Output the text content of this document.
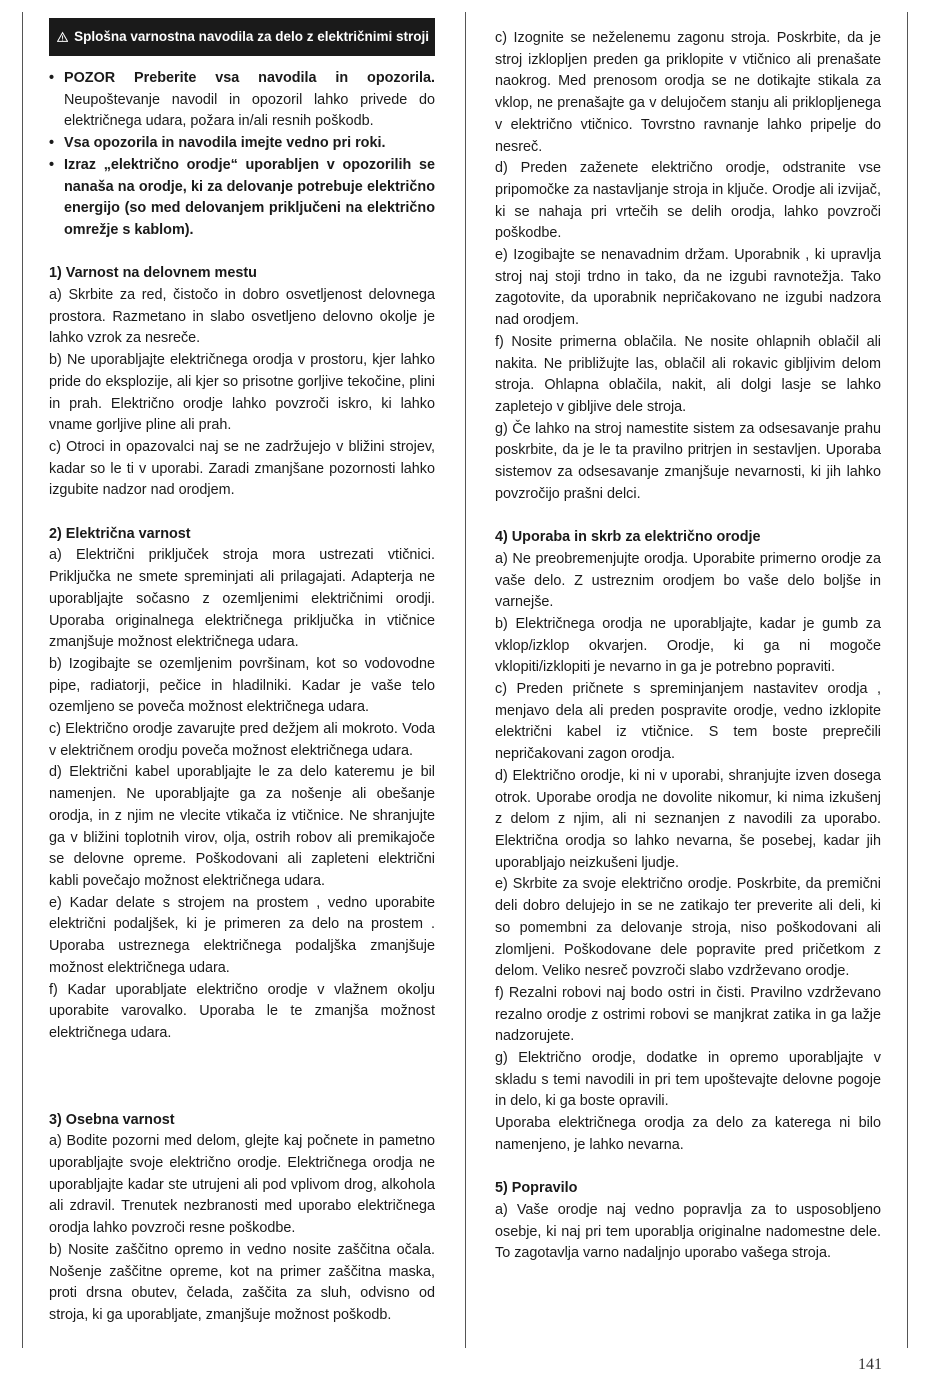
Splošna varnostna navodila za delo z električnimi stroji
• POZOR Preberite vsa navodila in opozorila. Neupoštevanje navodil in opozoril lahko privede do električnega udara, požara in/ali resnih poškodb.
• Vsa opozorila in navodila imejte vedno pri roki.
• Izraz „električno orodje“ uporabljen v opozorilih se nanaša na orodje, ki za delovanje potrebuje električno energijo (so med delovanjem priključeni na električno omrežje s kablom).

1) Varnost na delovnem mestu

a) Skrbite za red, čistočo in dobro osvetljenost delovnega prostora. Razmetano in slabo osvetljeno delovno okolje je lahko vzrok za nesreče.

b) Ne uporabljajte električnega orodja v prostoru, kjer lahko pride do eksplozije, ali kjer so prisotne gorljive tekočine, plini in prah. Električno orodje lahko povzroči iskro, ki lahko vname gorljive pline ali prah.

c) Otroci in opazovalci naj se ne zadržujejo v bližini strojev, kadar so le ti v uporabi. Zaradi zmanjšane pozornosti lahko izgubite nadzor nad orodjem.

2) Električna varnost

a) Električni priključek stroja mora ustrezati vtičnici. Priključka ne smete spreminjati ali prilagajati. Adapterja ne uporabljajte sočasno z ozemljenimi električnimi orodji. Uporaba originalnega električnega priključka in vtičnice zmanjšuje možnost električnega udara.

b) Izogibajte se ozemljenim površinam, kot so vodovodne pipe, radiatorji, pečice in hladilniki. Kadar je vaše telo ozemljeno se poveča možnost električnega udara.

c) Električno orodje zavarujte pred dežjem ali mokroto. Voda v električnem orodju poveča možnost električnega udara.

d) Električni kabel uporabljajte le za delo kateremu je bil namenjen. Ne uporabljajte ga za nošenje ali obešanje orodja, in z njim ne vlecite vtikača iz vtičnice. Ne shranjujte ga v bližini toplotnih virov, olja, ostrih robov ali premikajoče se delovne opreme. Poškodovani ali zapleteni električni kabli povečajo možnost električnega udara.

e) Kadar delate s strojem na prostem , vedno uporabite električni podaljšek, ki je primeren za delo na prostem . Uporaba ustreznega električnega podaljška zmanjšuje možnost električnega udara.

f) Kadar uporabljate električno orodje v vlažnem okolju uporabite varovalko. Uporaba le te zmanjša možnost električnega udara.

3) Osebna varnost

a) Bodite pozorni med delom, glejte kaj počnete in pametno uporabljajte svoje električno orodje. Električnega orodja ne uporabljajte kadar ste utrujeni ali pod vplivom drog, alkohola ali zdravil. Trenutek nezbranosti med uporabo električnega orodja lahko povzroči resne poškodbe.

b) Nosite zaščitno opremo in vedno nosite zaščitna očala. Nošenje zaščitne opreme, kot na primer zaščitna maska, proti drsna obutev, čelada, zaščita za sluh, odvisno od stroja, ki ga uporabljate, zmanjšuje možnost poškodb.

c) Izognite se neželenemu zagonu stroja. Poskrbite, da je stroj izklopljen preden ga priklopite v vtičnico ali prenašate naokrog. Med prenosom orodja se ne dotikajte stikala za vklop, ne prenašajte ga v delujočem stanju ali priklopljenega v električno vtičnico. Tovrstno ravnanje lahko pripelje do nesreč.

d) Preden zaženete električno orodje, odstranite vse pripomočke za nastavljanje stroja in ključe. Orodje ali izvijač, ki se nahaja pri vrtečih se delih orodja, lahko povzroči poškodbe.

e) Izogibajte se nenavadnim držam. Uporabnik , ki upravlja stroj naj stoji trdno in tako, da ne izgubi ravnotežja. Tako zagotovite, da uporabnik nepričakovano ne izgubi nadzora nad orodjem.

f) Nosite primerna oblačila. Ne nosite ohlapnih oblačil ali nakita. Ne približujte las, oblačil ali rokavic gibljivim delom stroja. Ohlapna oblačila, nakit, ali dolgi lasje se lahko zapletejo v gibljive dele stroja.

g) Če lahko na stroj namestite sistem za odsesavanje prahu poskrbite, da je le ta pravilno pritrjen in sestavljen. Uporaba sistemov za odsesavanje zmanjšuje nevarnosti, ki jih lahko povzročijo prašni delci.

4) Uporaba in skrb za električno orodje

a) Ne preobremenjujte orodja. Uporabite primerno orodje za vaše delo. Z ustreznim orodjem bo vaše delo boljše in varnejše.

b) Električnega orodja ne uporabljajte, kadar je gumb za vklop/izklop okvarjen. Orodje, ki ga ni mogoče vklopiti/izklopiti je nevarno in ga je potrebno popraviti.

c) Preden pričnete s spreminjanjem nastavitev orodja , menjavo dela ali preden pospravite orodje, vedno izklopite električni kabel iz vtičnice. S tem boste preprečili nepričakovani zagon orodja.

d) Električno orodje, ki ni v uporabi, shranjujte izven dosega otrok. Uporabe orodja ne dovolite nikomur, ki nima izkušenj z delom z njim, ali ni seznanjen z navodili za uporabo. Električna orodja so lahko nevarna, še posebej, kadar jih uporabljajo neizkušeni ljudje.

e) Skrbite za svoje električno orodje. Poskrbite, da premični deli dobro delujejo in se ne zatikajo ter preverite ali deli, ki so pomembni za delovanje stroja, niso poškodovani ali zlomljeni. Poškodovane dele popravite pred pričetkom z delom. Veliko nesreč povzroči slabo vzdrževano orodje.

f) Rezalni robovi naj bodo ostri in čisti. Pravilno vzdrževano rezalno orodje z ostrimi robovi se manjkrat zatika in ga lažje nadzorujete.

g) Električno orodje, dodatke in opremo uporabljajte v skladu s temi navodili in pri tem upoštevajte delovne pogoje in delo, ki ga boste opravili.

Uporaba električnega orodja za delo za katerega ni bilo namenjeno, je lahko nevarna.

5) Popravilo

a) Vaše orodje naj vedno popravlja za to usposobljeno osebje, ki naj pri tem uporablja originalne nadomestne dele. To zagotavlja varno nadaljnjo uporabo vašega stroja.

141
